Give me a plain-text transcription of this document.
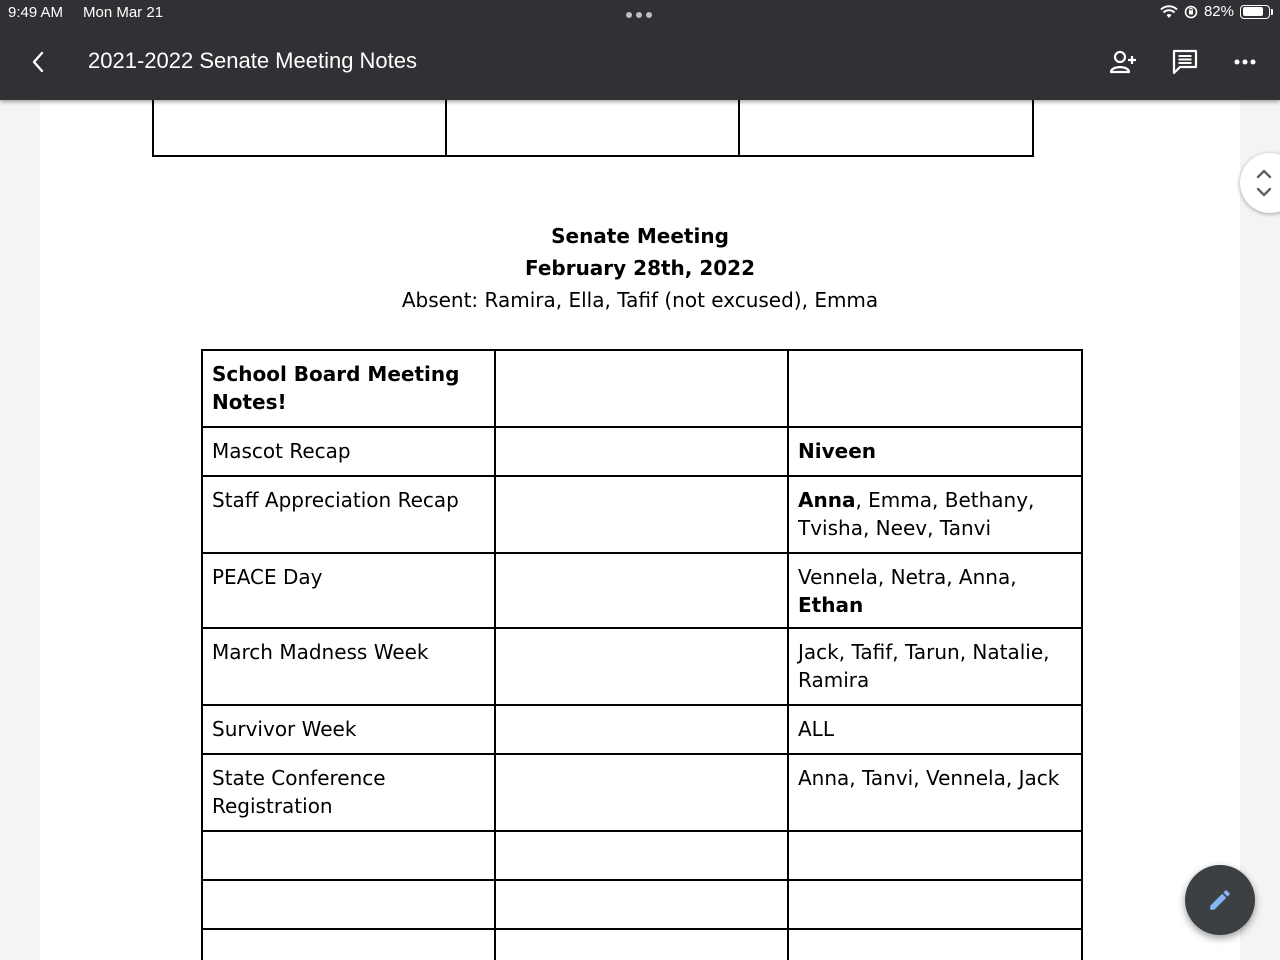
9:49 AM Mon Mar 21	82%
2021-2022 Senate Meeting Notes

Senate Meeting
February 28th, 2022
Absent: Ramira, Ella, Tafif (not excused), Emma
School Board Meeting Notes!		
Mascot Recap		Niveen
Staff Appreciation Recap		Anna, Emma, Bethany, Tvisha, Neev, Tanvi
PEACE Day		Vennela, Netra, Anna, Ethan
March Madness Week		Jack, Tafif, Tarun, Natalie, Ramira
Survivor Week		ALL
State Conference Registration		Anna, Tanvi, Vennela, Jack
